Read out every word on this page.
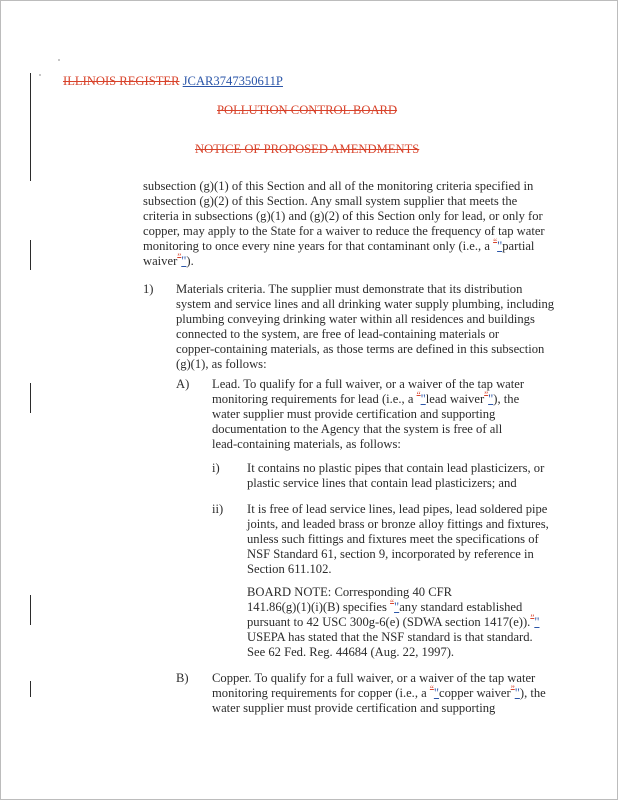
ILLINOIS REGISTER JCAR3747350611P
POLLUTION CONTROL BOARD
NOTICE OF PROPOSED AMENDMENTS
subsection (g)(1) of this Section and all of the monitoring criteria specified in
subsection (g)(2) of this Section. Any small system supplier that meets the
criteria in subsections (g)(1) and (g)(2) of this Section only for lead, or only for
copper, may apply to the State for a waiver to reduce the frequency of tap water
monitoring to once every nine years for that contaminant only (i.e., a “"partial
waiver”").
1) Materials criteria. The supplier must demonstrate that its distribution
system and service lines and all drinking water supply plumbing, including
plumbing conveying drinking water within all residences and buildings
connected to the system, are free of lead-containing materials or
copper-containing materials, as those terms are defined in this subsection
(g)(1), as follows:
A) Lead. To qualify for a full waiver, or a waiver of the tap water
monitoring requirements for lead (i.e., a “"lead waiver”"), the
water supplier must provide certification and supporting
documentation to the Agency that the system is free of all
lead-containing materials, as follows:
i) It contains no plastic pipes that contain lead plasticizers, or
plastic service lines that contain lead plasticizers; and
ii) It is free of lead service lines, lead pipes, lead soldered pipe
joints, and leaded brass or bronze alloy fittings and fixtures,
unless such fittings and fixtures meet the specifications of
NSF Standard 61, section 9, incorporated by reference in
Section 611.102.
BOARD NOTE: Corresponding 40 CFR
141.86(g)(1)(i)(B) specifies “"any standard established
pursuant to 42 USC 300g-6(e) (SDWA section 1417(e)).”"
USEPA has stated that the NSF standard is that standard.
See 62 Fed. Reg. 44684 (Aug. 22, 1997).
B) Copper. To qualify for a full waiver, or a waiver of the tap water
monitoring requirements for copper (i.e., a “"copper waiver”"), the
water supplier must provide certification and supporting
